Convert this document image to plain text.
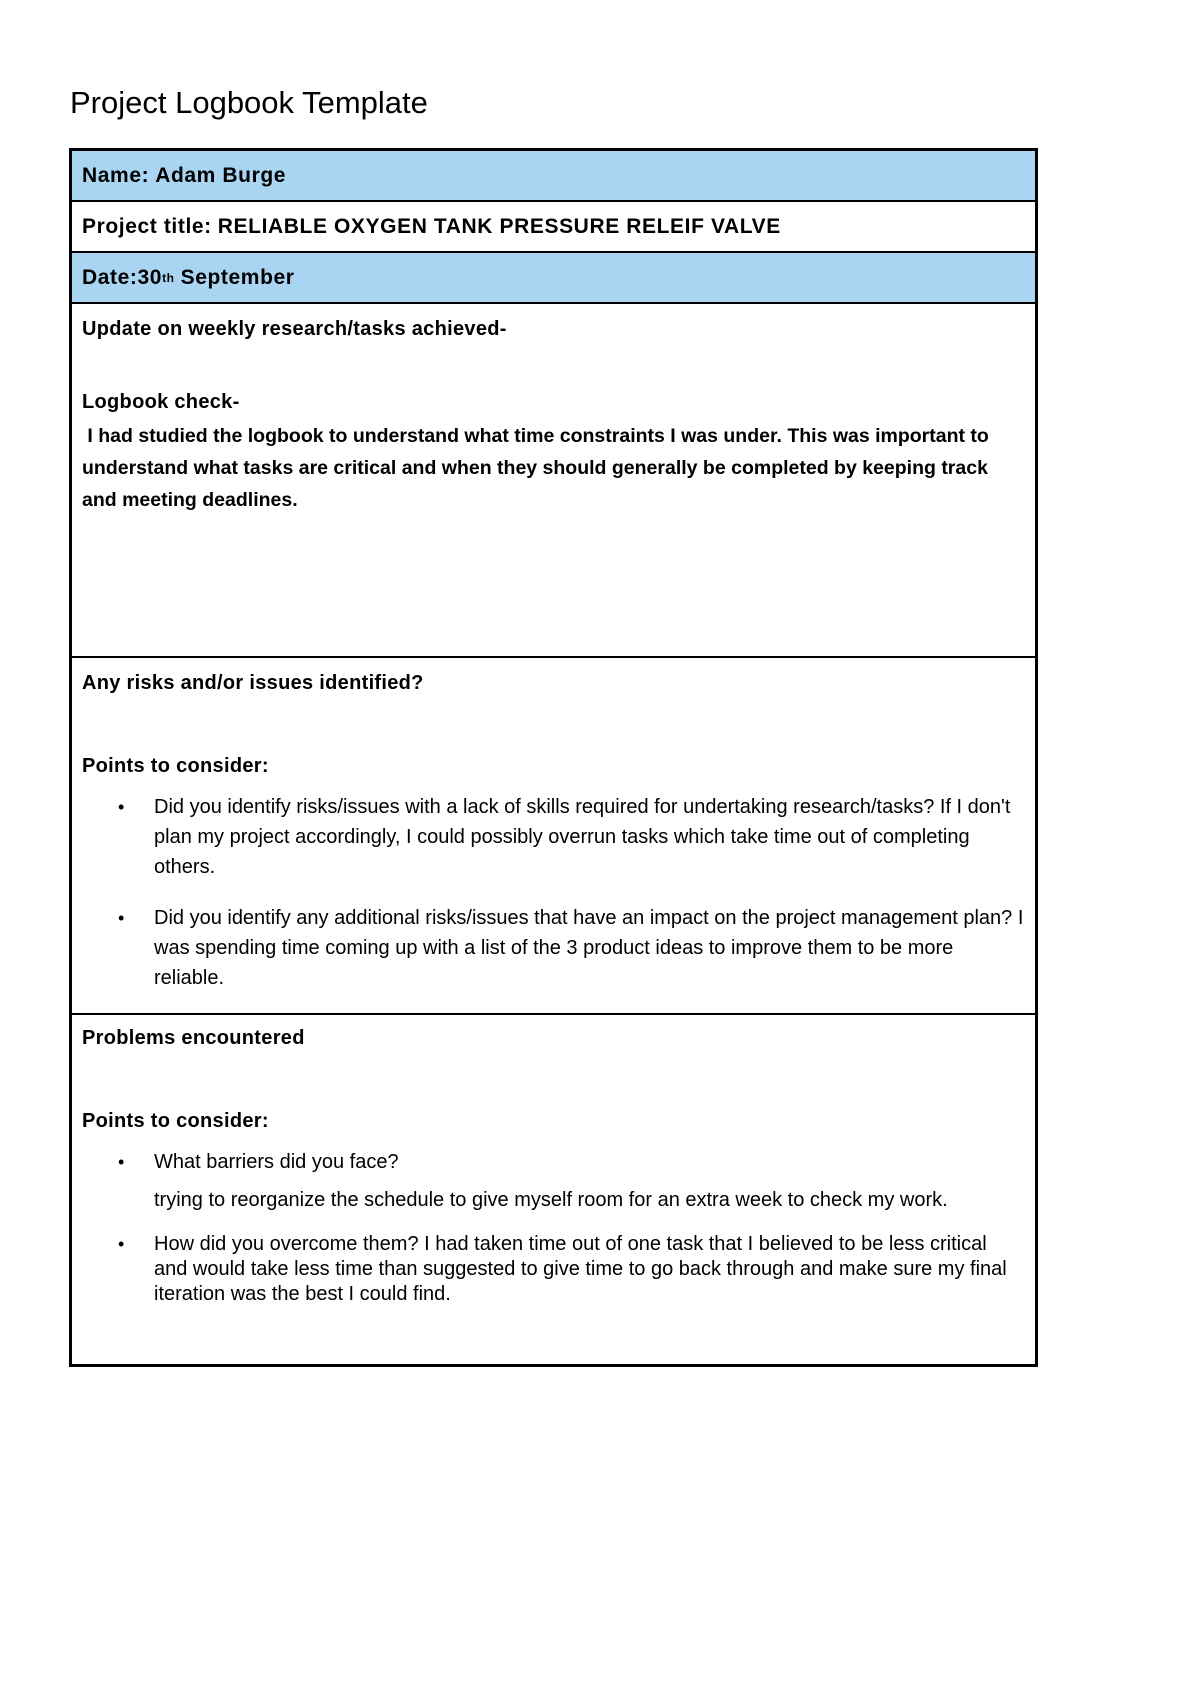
Project Logbook Template
Name: Adam Burge
Project title: RELIABLE OXYGEN TANK PRESSURE RELEIF VALVE
Date: 30 th September
Update on weekly research/tasks achieved-
Logbook check-
I had studied the logbook to understand what time constraints I was under. This was important to understand what tasks are critical and when they should generally be completed by keeping track and meeting deadlines.
Any risks and/or issues identified?
Points to consider:
• Did you identify risks/issues with a lack of skills required for undertaking research/tasks? If I don't plan my project accordingly, I could possibly overrun tasks which take time out of completing others.
• Did you identify any additional risks/issues that have an impact on the project management plan? I was spending time coming up with a list of the 3 product ideas to improve them to be more reliable.
Problems encountered
Points to consider:
• What barriers did you face?
trying to reorganize the schedule to give myself room for an extra week to check my work.
• How did you overcome them? I had taken time out of one task that I believed to be less critical and would take less time than suggested to give time to go back through and make sure my final iteration was the best I could find.
